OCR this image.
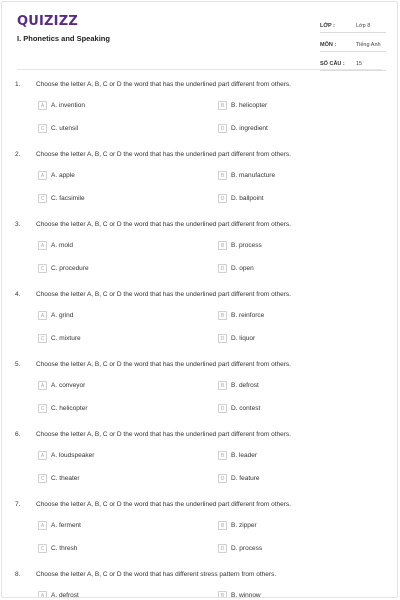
QUIZIZZ
I. Phonetics and Speaking
LỚP :	Lớp 8
MÔN :	Tiếng Anh
SỐ CÂU :	15
1. Choose the letter A, B, C or D the word that has the underlined part different from others.
A	A. invention	B	B. helicopter
C	C. utensil	D	D. ingredient
2. Choose the letter A, B, C or D the word that has the underlined part different from others.
A	A. apple	B	B. manufacture
C	C. facsimile	D	D. ballpoint
3. Choose the letter A, B, C or D the word that has the underlined part different from others.
A	A. mold	B	B. process
C	C. procedure	D	D. open
4. Choose the letter A, B, C or D the word that has the underlined part different from others.
A	A. grind	B	B. reinforce
C	C. mixture	D	D. liquor
5. Choose the letter A, B, C or D the word that has the underlined part different from others.
A	A. conveyor	B	B. defrost
C	C. helicopter	D	D. contest
6. Choose the letter A, B, C or D the word that has the underlined part different from others.
A	A. loudspeaker	B	B. leader
C	C. theater	D	D. feature
7. Choose the letter A, B, C or D the word that has the underlined part different from others.
A	A. ferment	B	B. zipper
C	C. thresh	D	D. process
8. Choose the letter A, B, C or D the word that has different stress pattern from others.
A	A. defrost	B	B. winnow
